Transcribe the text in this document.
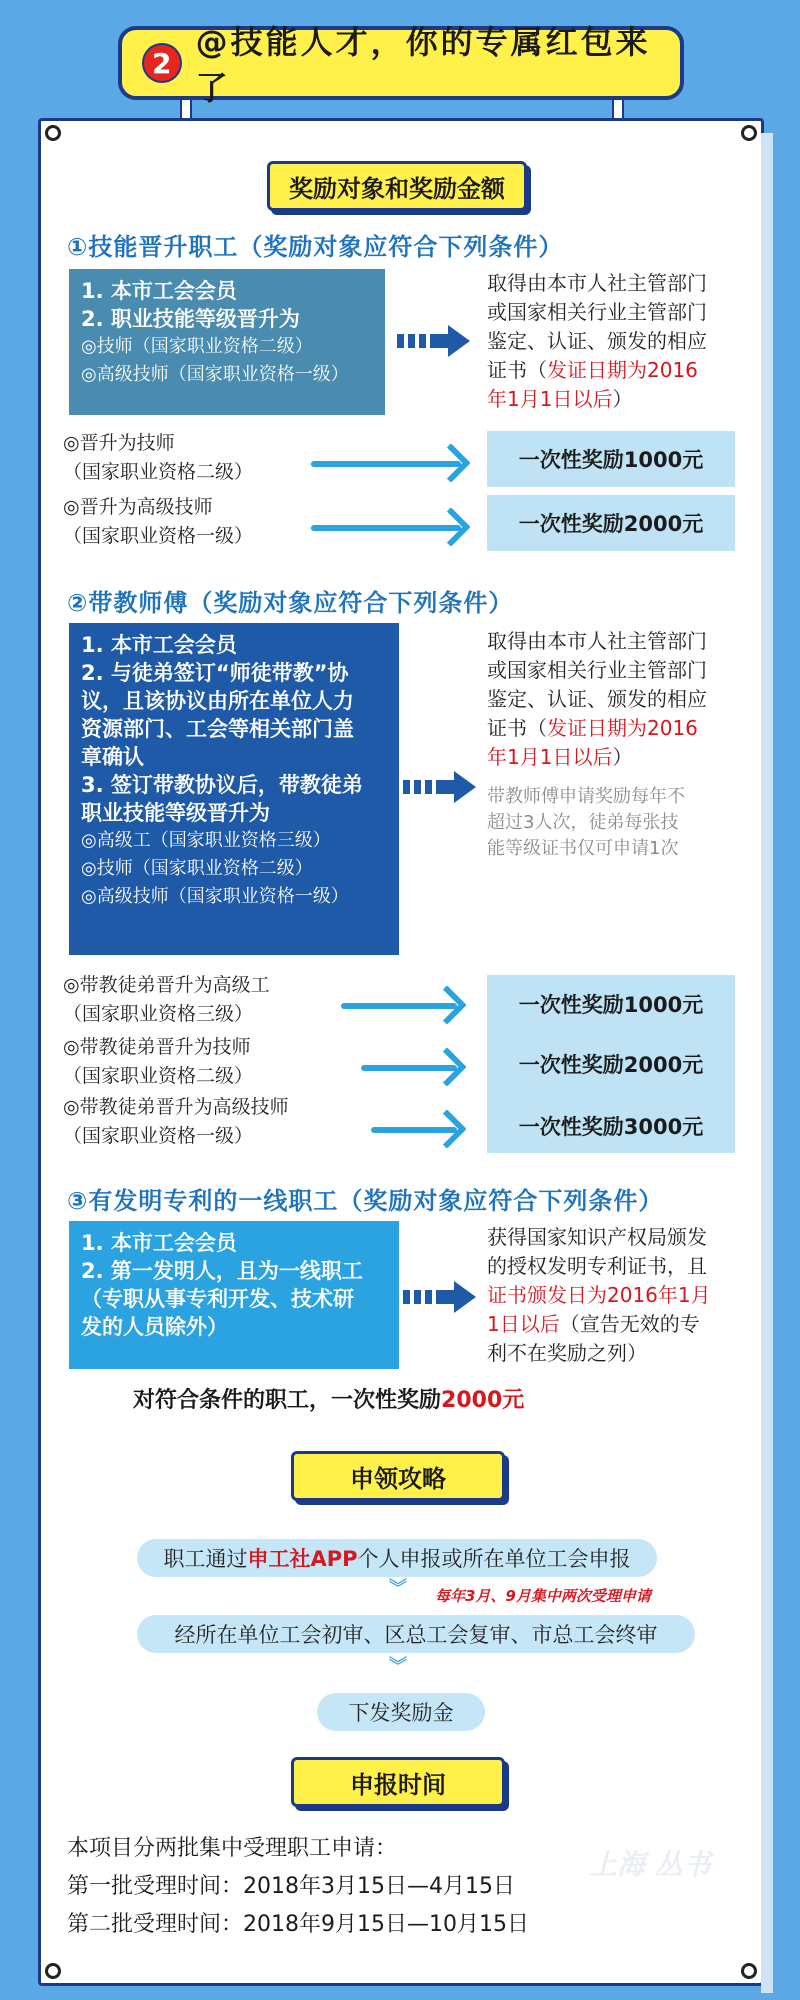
2
@技能人才，你的专属红包来了
奖励对象和奖励金额
①技能晋升职工（奖励对象应符合下列条件）
1. 本市工会会员
2. 职业技能等级晋升为
◎技师（国家职业资格二级）
◎高级技师（国家职业资格一级）
取得由本市人社主管部门
或国家相关行业主管部门
鉴定、认证、颁发的相应
证书（发证日期为2016
年1月1日以后）
◎晋升为技师
（国家职业资格二级）	一次性奖励1000元
◎晋升为高级技师
（国家职业资格一级）	一次性奖励2000元
②带教师傅（奖励对象应符合下列条件）
1. 本市工会会员
2. 与徒弟签订“师徒带教”协
议，且该协议由所在单位人力
资源部门、工会等相关部门盖
章确认
3. 签订带教协议后，带教徒弟
职业技能等级晋升为
◎高级工（国家职业资格三级）
◎技师（国家职业资格二级）
◎高级技师（国家职业资格一级）
取得由本市人社主管部门
或国家相关行业主管部门
鉴定、认证、颁发的相应
证书（发证日期为2016
年1月1日以后）
带教师傅申请奖励每年不
超过3人次，徒弟每张技
能等级证书仅可申请1次
◎带教徒弟晋升为高级工
（国家职业资格三级）
◎带教徒弟晋升为技师
（国家职业资格二级）
◎带教徒弟晋升为高级技师
（国家职业资格一级）
一次性奖励1000元
一次性奖励2000元
一次性奖励3000元
③有发明专利的一线职工（奖励对象应符合下列条件）
1. 本市工会会员
2. 第一发明人，且为一线职工
（专职从事专利开发、技术研
发的人员除外）
获得国家知识产权局颁发
的授权发明专利证书，且
证书颁发日为2016年1月
1日以后（宣告无效的专
利不在奖励之列）
对符合条件的职工，一次性奖励2000元
申领攻略
职工通过 申工社APP 个人申报或所在单位工会申报
︾ 每年3月、9月集中两次受理申请
经所在单位工会初审、区总工会复审、市总工会终审
︾
下发奖励金
申报时间
本项目分两批集中受理职工申请：
第一批受理时间：2018年3月15日—4月15日
第二批受理时间：2018年9月15日—10月15日
上海 丛书
